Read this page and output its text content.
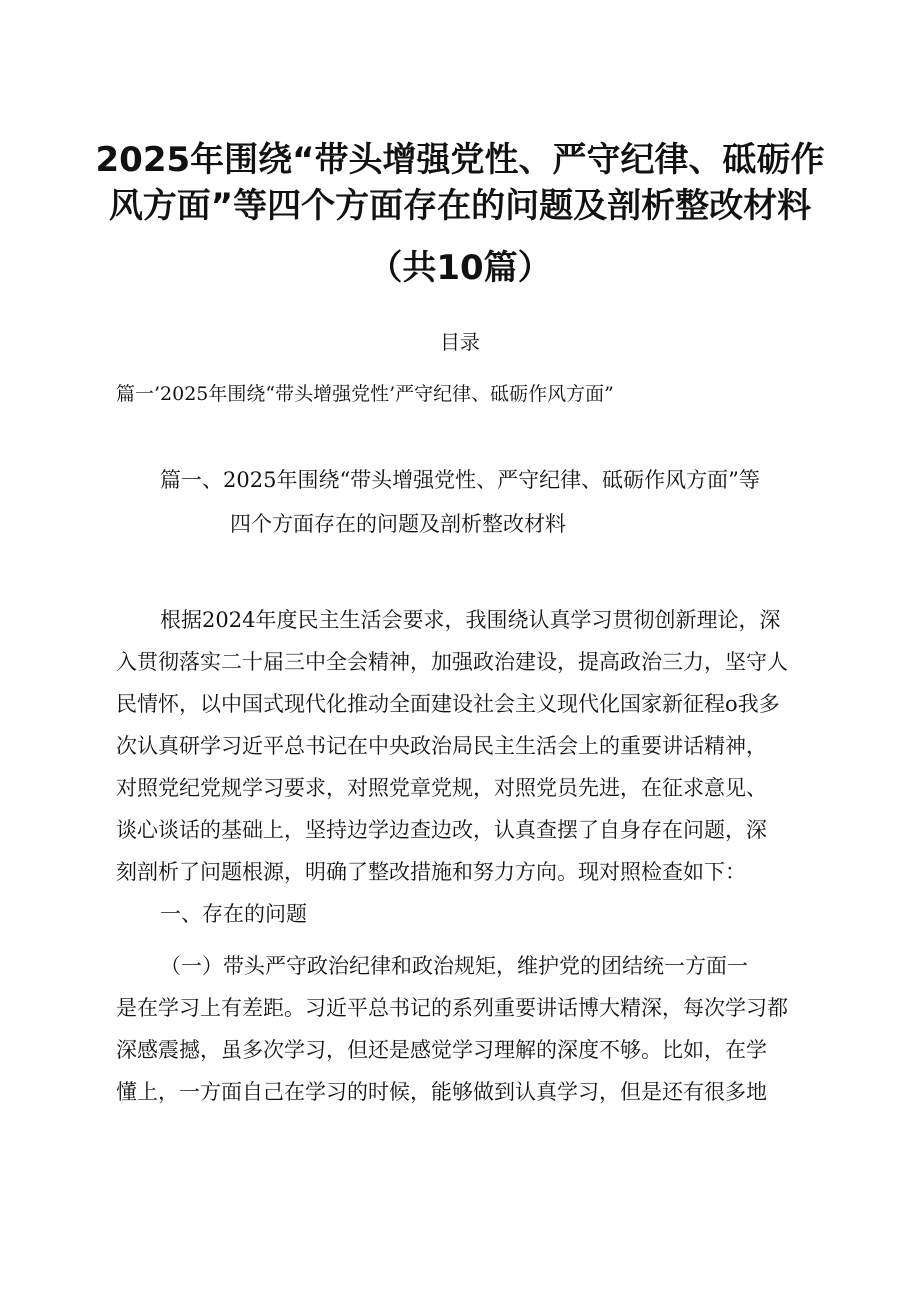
2025年围绕“带头增强党性、严守纪律、砥砺作
风方面”等四个方面存在的问题及剖析整改材料
（共10篇）
目录
篇一’2025年围绕“带头增强党性’严守纪律、砥砺作风方面”
篇一、2025年围绕“带头增强党性、严守纪律、砥砺作风方面”等
四个方面存在的问题及剖析整改材料
根据2024年度民主生活会要求，我围绕认真学习贯彻创新理论，深
入贯彻落实二十届三中全会精神，加强政治建设，提高政治三力，坚守人
民情怀，以中国式现代化推动全面建设社会主义现代化国家新征程o我多
次认真研学习近平总书记在中央政治局民主生活会上的重要讲话精神，
对照党纪党规学习要求，对照党章党规，对照党员先进，在征求意见、
谈心谈话的基础上，坚持边学边查边改，认真查摆了自身存在问题，深
刻剖析了问题根源，明确了整改措施和努力方向。现对照检查如下：
一、存在的问题
（一）带头严守政治纪律和政治规矩，维护党的团结统一方面一
是在学习上有差距。习近平总书记的系列重要讲话博大精深，每次学习都
深感震撼，虽多次学习，但还是感觉学习理解的深度不够。比如，在学
懂上，一方面自己在学习的时候，能够做到认真学习，但是还有很多地
